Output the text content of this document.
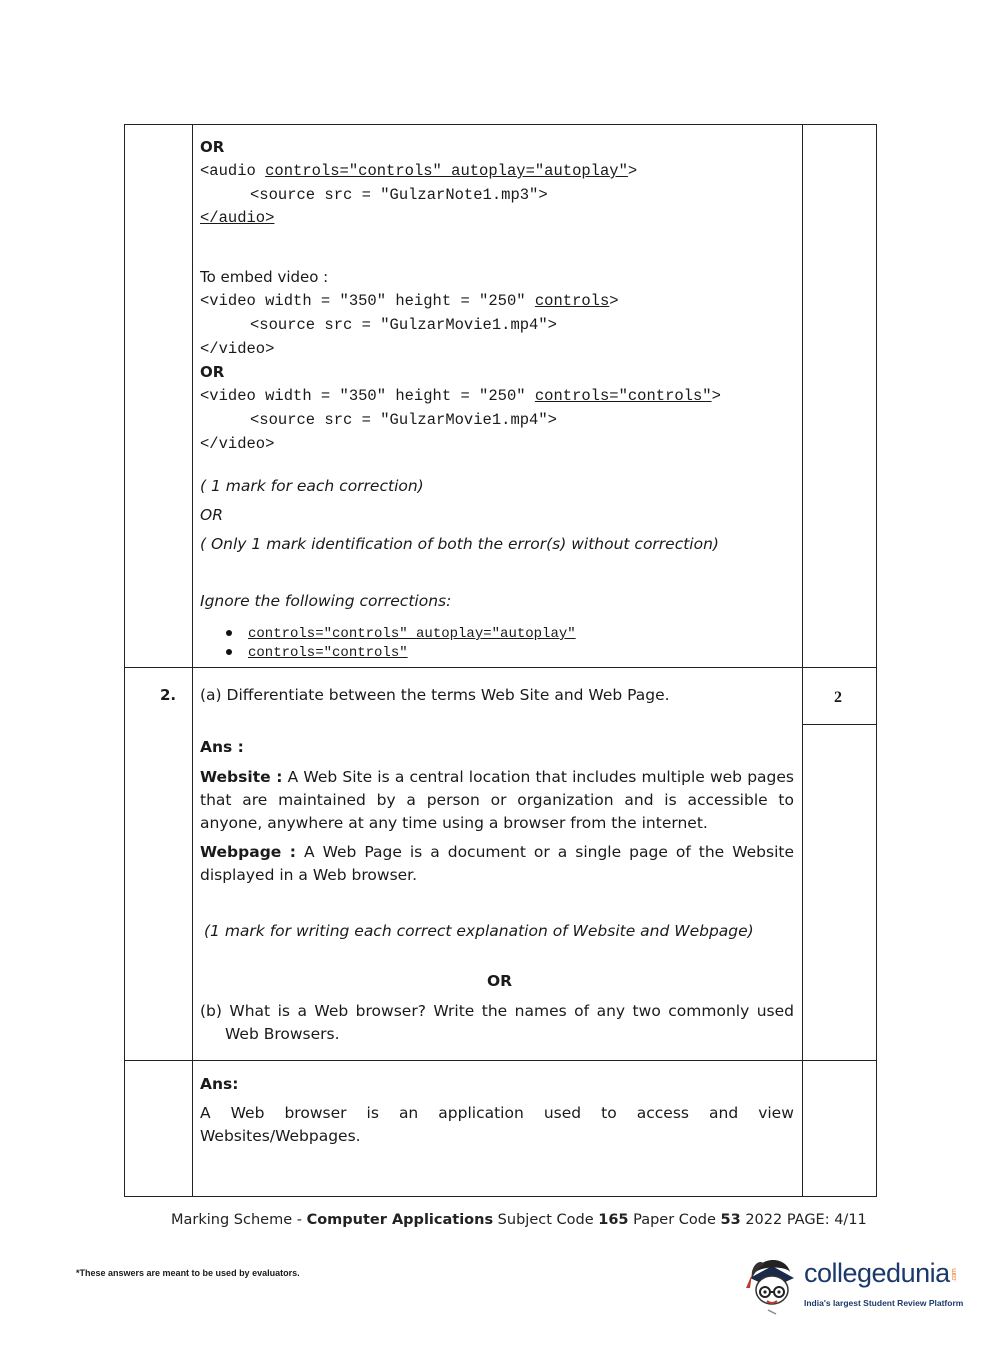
OR
<audio controls="controls" autoplay="autoplay">
<source src = "GulzarNote1.mp3">
</audio>
To embed video :
<video width = "350" height = "250" controls>
<source src = "GulzarMovie1.mp4">
</video>
OR
<video width = "350" height = "250" controls="controls">
<source src = "GulzarMovie1.mp4">
</video>
( 1 mark for each correction)
OR
( Only 1 mark identification of both the error(s) without correction)
Ignore the following corrections:
controls="controls" autoplay="autoplay"
controls="controls"
2.	2
(a) Differentiate between the terms Web Site and Web Page.
Ans :
Website : A Web Site is a central location that includes multiple web pages that are maintained by a person or organization and is accessible to anyone, anywhere at any time using a browser from the internet.
Webpage : A Web Page is a document or a single page of the Website displayed in a Web browser.
(1 mark for writing each correct explanation of Website and Webpage)
OR
(b) What is a Web browser? Write the names of any two commonly used Web Browsers.
Ans:
A Web browser is an application used to access and view
Websites/Webpages.
Marking Scheme - Computer Applications Subject Code 165 Paper Code 53 2022 PAGE: 4/11
*These answers are meant to be used by evaluators.	collegedunia.com
India's largest Student Review Platform
